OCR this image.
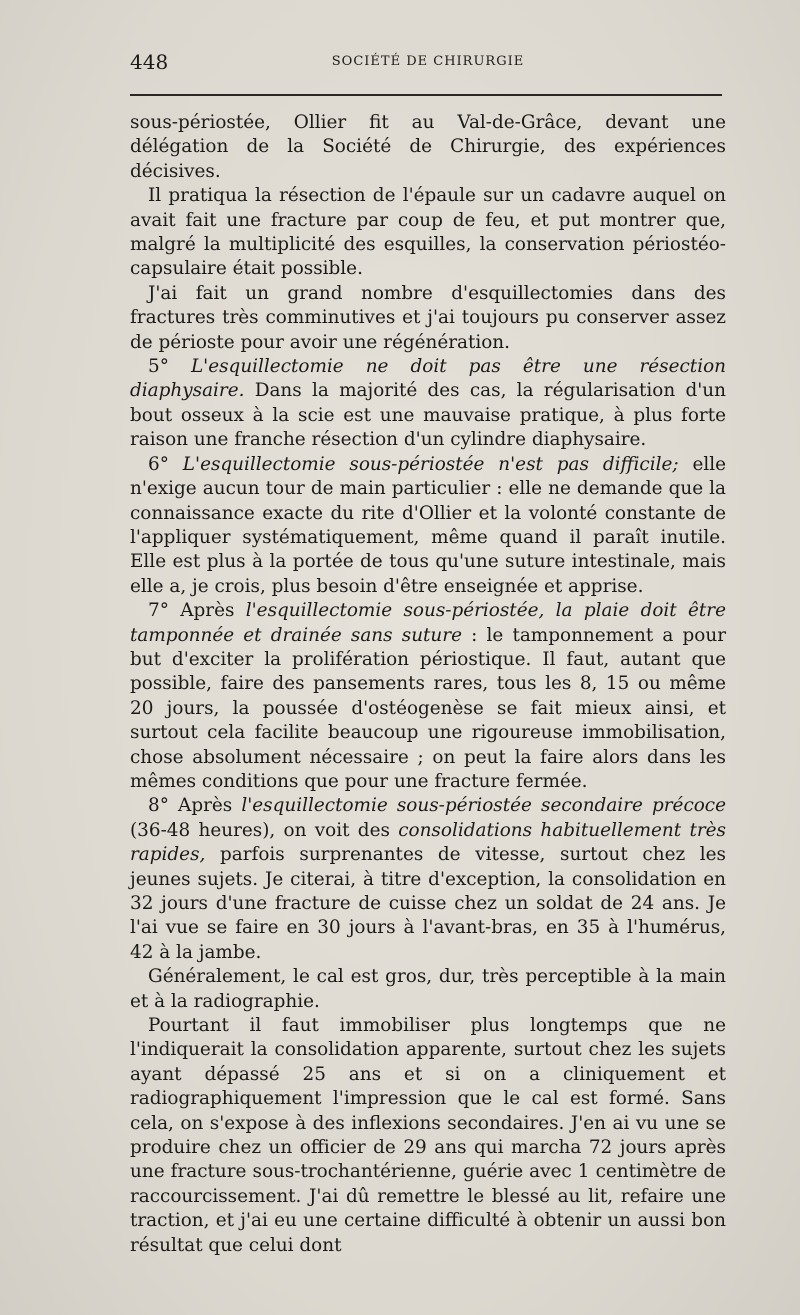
448	SOCIÉTÉ DE CHIRURGIE

sous-périostée, Ollier fit au Val-de-Grâce, devant une délégation de la Société de Chirurgie, des expériences décisives.

Il pratiqua la résection de l'épaule sur un cadavre auquel on avait fait une fracture par coup de feu, et put montrer que, malgré la multiplicité des esquilles, la conservation périostéo-capsulaire était possible.

J'ai fait un grand nombre d'esquillectomies dans des fractures très comminutives et j'ai toujours pu conserver assez de périoste pour avoir une régénération.

5° L'esquillectomie ne doit pas être une résection diaphysaire. Dans la majorité des cas, la régularisation d'un bout osseux à la scie est une mauvaise pratique, à plus forte raison une franche résection d'un cylindre diaphysaire.

6° L'esquillectomie sous-périostée n'est pas difficile; elle n'exige aucun tour de main particulier : elle ne demande que la connaissance exacte du rite d'Ollier et la volonté constante de l'appliquer systématiquement, même quand il paraît inutile. Elle est plus à la portée de tous qu'une suture intestinale, mais elle a, je crois, plus besoin d'être enseignée et apprise.

7° Après l'esquillectomie sous-périostée, la plaie doit être tamponnée et drainée sans suture : le tamponnement a pour but d'exciter la prolifération périostique. Il faut, autant que possible, faire des pansements rares, tous les 8, 15 ou même 20 jours, la poussée d'ostéogenèse se fait mieux ainsi, et surtout cela facilite beaucoup une rigoureuse immobilisation, chose absolument nécessaire ; on peut la faire alors dans les mêmes conditions que pour une fracture fermée.

8° Après l'esquillectomie sous-périostée secondaire précoce (36-48 heures), on voit des consolidations habituellement très rapides, parfois surprenantes de vitesse, surtout chez les jeunes sujets. Je citerai, à titre d'exception, la consolidation en 32 jours d'une fracture de cuisse chez un soldat de 24 ans. Je l'ai vue se faire en 30 jours à l'avant-bras, en 35 à l'humérus, 42 à la jambe.

Généralement, le cal est gros, dur, très perceptible à la main et à la radiographie.

Pourtant il faut immobiliser plus longtemps que ne l'indiquerait la consolidation apparente, surtout chez les sujets ayant dépassé 25 ans et si on a cliniquement et radiographiquement l'impression que le cal est formé. Sans cela, on s'expose à des inflexions secondaires. J'en ai vu une se produire chez un officier de 29 ans qui marcha 72 jours après une fracture sous-trochantérienne, guérie avec 1 centimètre de raccourcissement. J'ai dû remettre le blessé au lit, refaire une traction, et j'ai eu une certaine difficulté à obtenir un aussi bon résultat que celui dont
